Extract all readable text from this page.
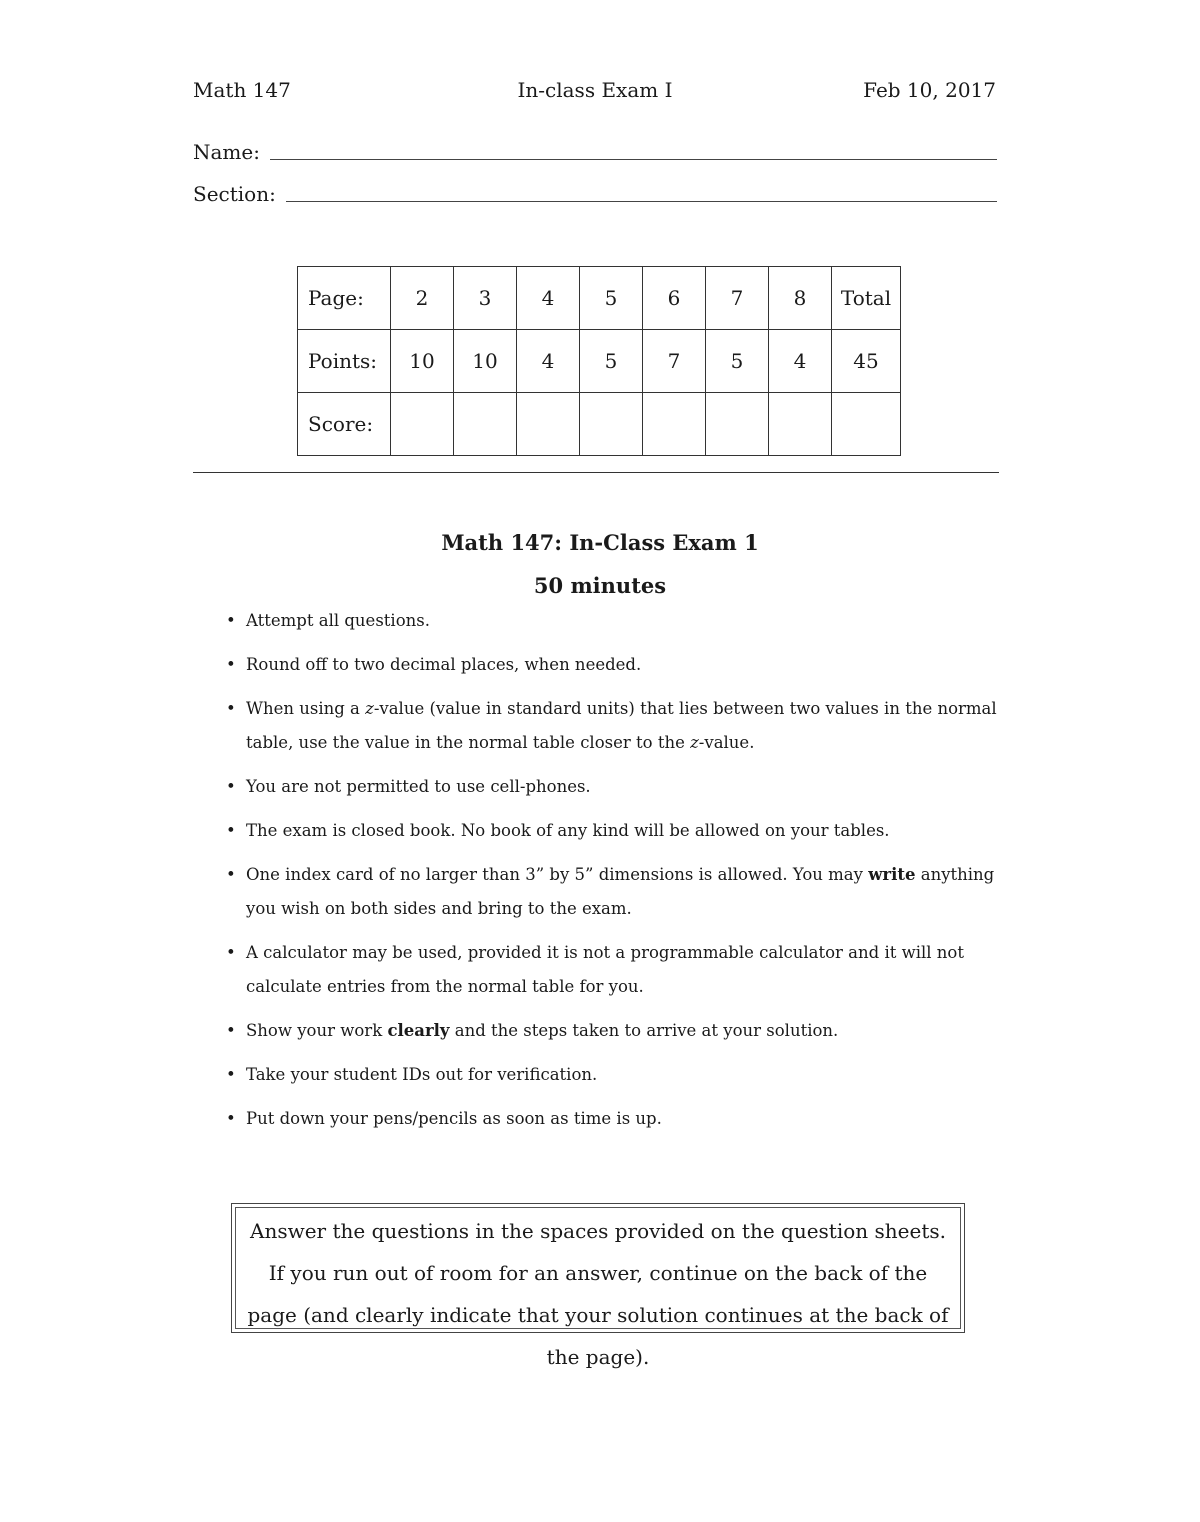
Math 147	In-class Exam I	Feb 10, 2017
Name:
Section:
Page:	2	3	4	5	6	7	8	Total
Points:	10	10	4	5	7	5	4	45
Score:								
Math 147: In-Class Exam 1
50 minutes
• Attempt all questions.
• Round off to two decimal places, when needed.
• When using a z-value (value in standard units) that lies between two values in the normal table, use the value in the normal table closer to the z-value.
• You are not permitted to use cell-phones.
• The exam is closed book. No book of any kind will be allowed on your tables.
• One index card of no larger than 3” by 5” dimensions is allowed. You may write anything you wish on both sides and bring to the exam.
• A calculator may be used, provided it is not a programmable calculator and it will not calculate entries from the normal table for you.
• Show your work clearly and the steps taken to arrive at your solution.
• Take your student IDs out for verification.
• Put down your pens/pencils as soon as time is up.
Answer the questions in the spaces provided on the question sheets. If you run out of room for an answer, continue on the back of the page (and clearly indicate that your solution continues at the back of the page).
